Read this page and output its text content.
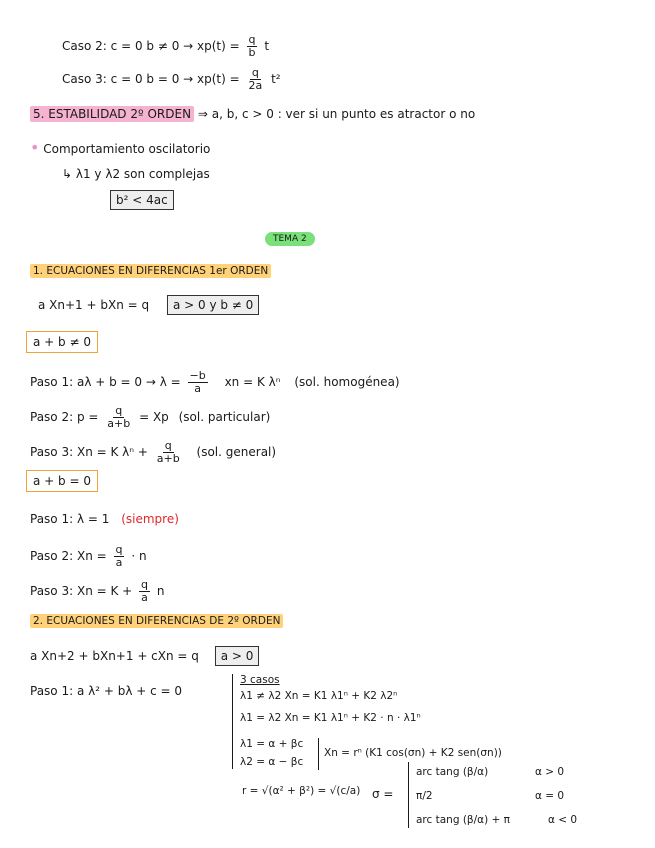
Caso 2: c = 0 $b \ne 0 \to xp(t) = \frac{q}{b}$ t
Caso 3: c = 0 $b = 0 \to xp(t) = \frac{q}{2a} t^2$
5. ESTABILIDAD 2º ORDEN ⇒ a, b, c > 0 : ver si un punto es atractor o no
• Comportamiento oscilatorio
↳ λ1 y λ2 son complejas
b² < 4ac
TEMA 2
1. ECUACIONES EN DIFERENCIAS 1er ORDEN
a Xn+1 + bXn = q a > 0 y b ≠ 0
a + b ≠ 0
Paso 1: $a\lambda + b = 0 \to \lambda = \frac{-b}{a}$ xn = K λⁿ (sol. homogénea)
Paso 2: $p = \frac{q}{a+b} = Xp$ (sol. particular)
Paso 3: Xn = K $\lambda^n + \frac{q}{a+b} (sol$. general)
a + b = 0
Paso 1: λ = 1 (siempre)
Paso 2: $Xn = \frac{q}{a} \cdot n$
Paso 3: $Xn = K + \frac{q}{a}$ n
2. ECUACIONES EN DIFERENCIAS DE 2º ORDEN
a Xn+2 + bXn+1 + cXn = q a > 0
Paso 1: a λ² + bλ + c = 0
3 casos
λ1 ≠ λ2 Xn = K1 λ1ⁿ + K2 λ2ⁿ
λ1 = λ2 Xn = K1 λ1ⁿ + K2 · n · λ1ⁿ
λ1 = α + βc
λ2 = α − βc
Xn = rⁿ (K1 cos(σn) + K2 sen(σn))
r = √(α² + β²) = √(c/a) σ =
arc tang (β/α)	α > 0
π/2	α = 0
arc tang (β/α) + π	α < 0
